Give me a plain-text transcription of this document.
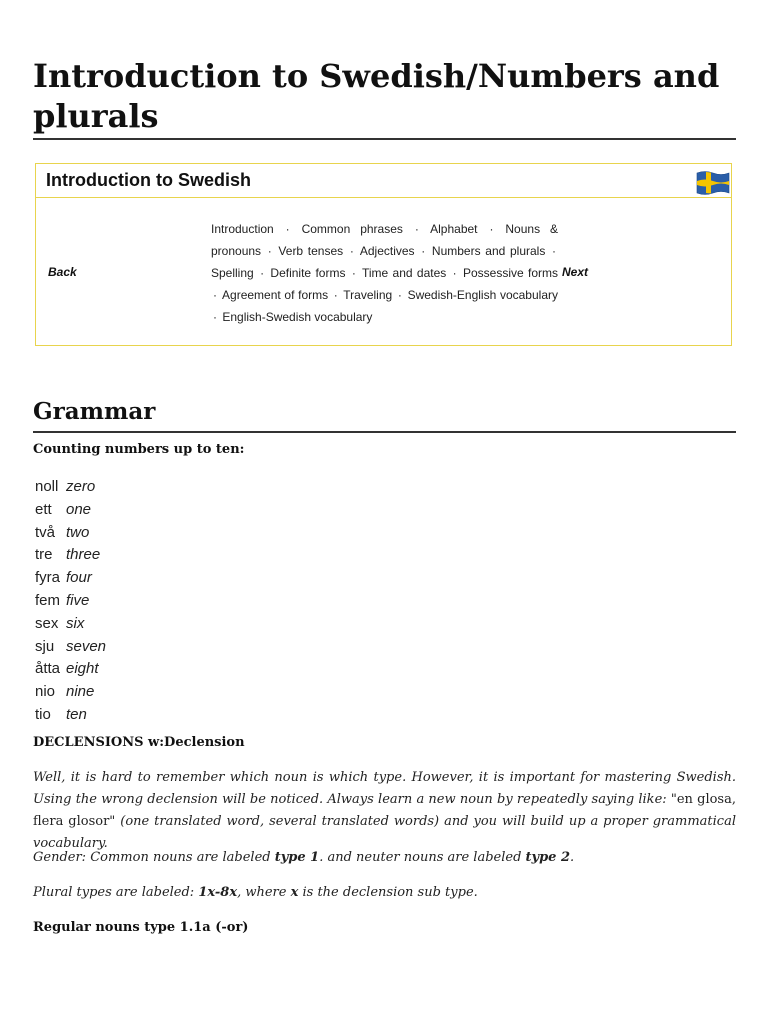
Introduction to Swedish/Numbers and plurals
Introduction to Swedish
Back
Introduction · Common phrases · Alphabet · Nouns & pronouns · Verb tenses · Adjectives · Numbers and plurals · Spelling · Definite forms · Time and dates · Possessive forms · Agreement of forms · Traveling · Swedish-English vocabulary · English-Swedish vocabulary
Next
Grammar
Counting numbers up to ten:
noll zero
ett one
två two
tre three
fyra four
fem five
sex six
sju seven
åtta eight
nio nine
tio ten
DECLENSIONS w:Declension

Well, it is hard to remember which noun is which type. However, it is important for mastering Swedish. Using the wrong declension will be noticed. Always learn a new noun by repeatedly saying like: "en glosa, flera glosor" (one translated word, several translated words) and you will build up a proper grammatical vocabulary.

Gender: Common nouns are labeled type 1. and neuter nouns are labeled type 2.

Plural types are labeled: 1x-8x, where x is the declension sub type.

Regular nouns type 1.1a (-or)
